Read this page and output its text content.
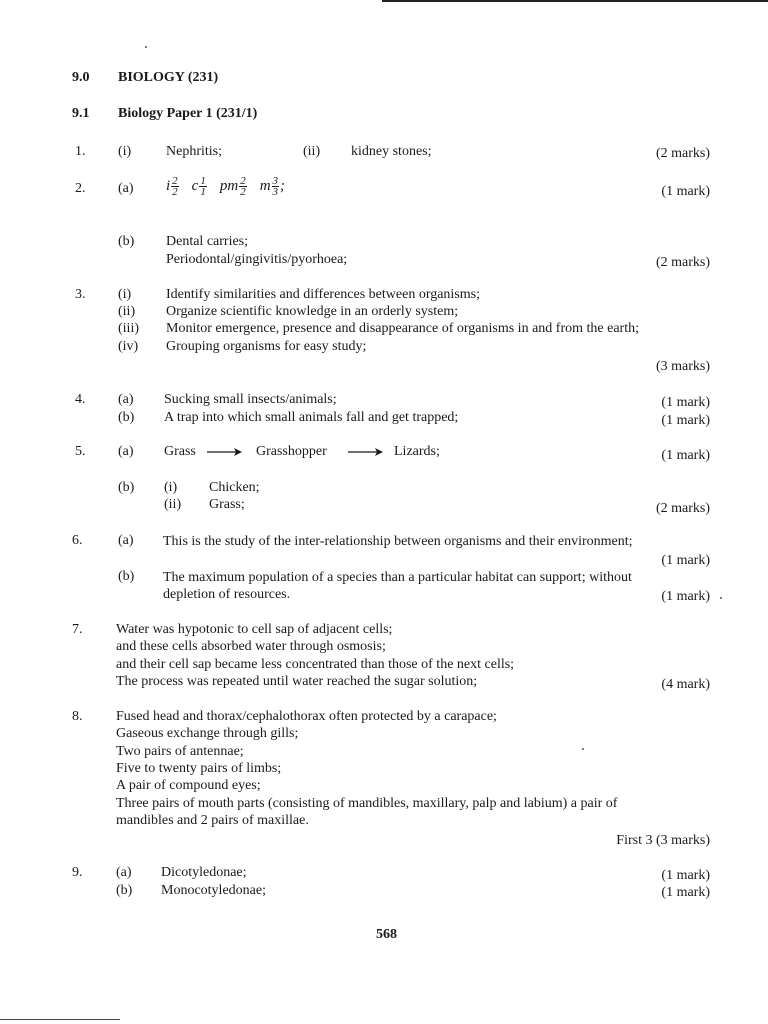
9.0 BIOLOGY (231)
9.1 Biology Paper 1 (231/1)
1. (i) Nephritis;	(ii) kidney stones;	(2 marks)
2. (a) i $\frac{2}{2}$ c $\frac{1}{1}$ pm $\frac{2}{2}$ m $\frac{3}{3}$ ;	(1 mark)
(b) Dental carries;
Periodontal/gingivitis/pyorhoea;	(2 marks)
3. (i) Identify similarities and differences between organisms;
(ii) Organize scientific knowledge in an orderly system;
(iii) Monitor emergence, presence and disappearance of organisms in and from the earth;
(iv) Grouping organisms for easy study;
(3 marks)
4. (a) Sucking small insects/animals;	(1 mark)
(b) A trap into which small animals fall and get trapped;	(1 mark)
5. (a) Grass	Grasshopper	Lizards;	(1 mark)
(b) (i) Chicken;
(ii) Grass;	(2 marks)
6.	(a) This is the study of the inter-relationship between organisms and their environment;
(1 mark)
(b) The maximum population of a species than a particular habitat can support; without
depletion of resources.	(1 mark)
7. Water was hypotonic to cell sap of adjacent cells;
and these cells absorbed water through osmosis;
and their cell sap became less concentrated than those of the next cells;
The process was repeated until water reached the sugar solution;	(4 mark)
8. Fused head and thorax/cephalothorax often protected by a carapace;
Gaseous exchange through gills;
Two pairs of antennae;
Five to twenty pairs of limbs;
A pair of compound eyes;
Three pairs of mouth parts (consisting of mandibles, maxillary, palp and labium) a pair of
mandibles and 2 pairs of maxillae.
First 3 (3 marks)
9. (a) Dicotyledonae;	(1 mark)
(b) Monocotyledonae;	(1 mark)
568
